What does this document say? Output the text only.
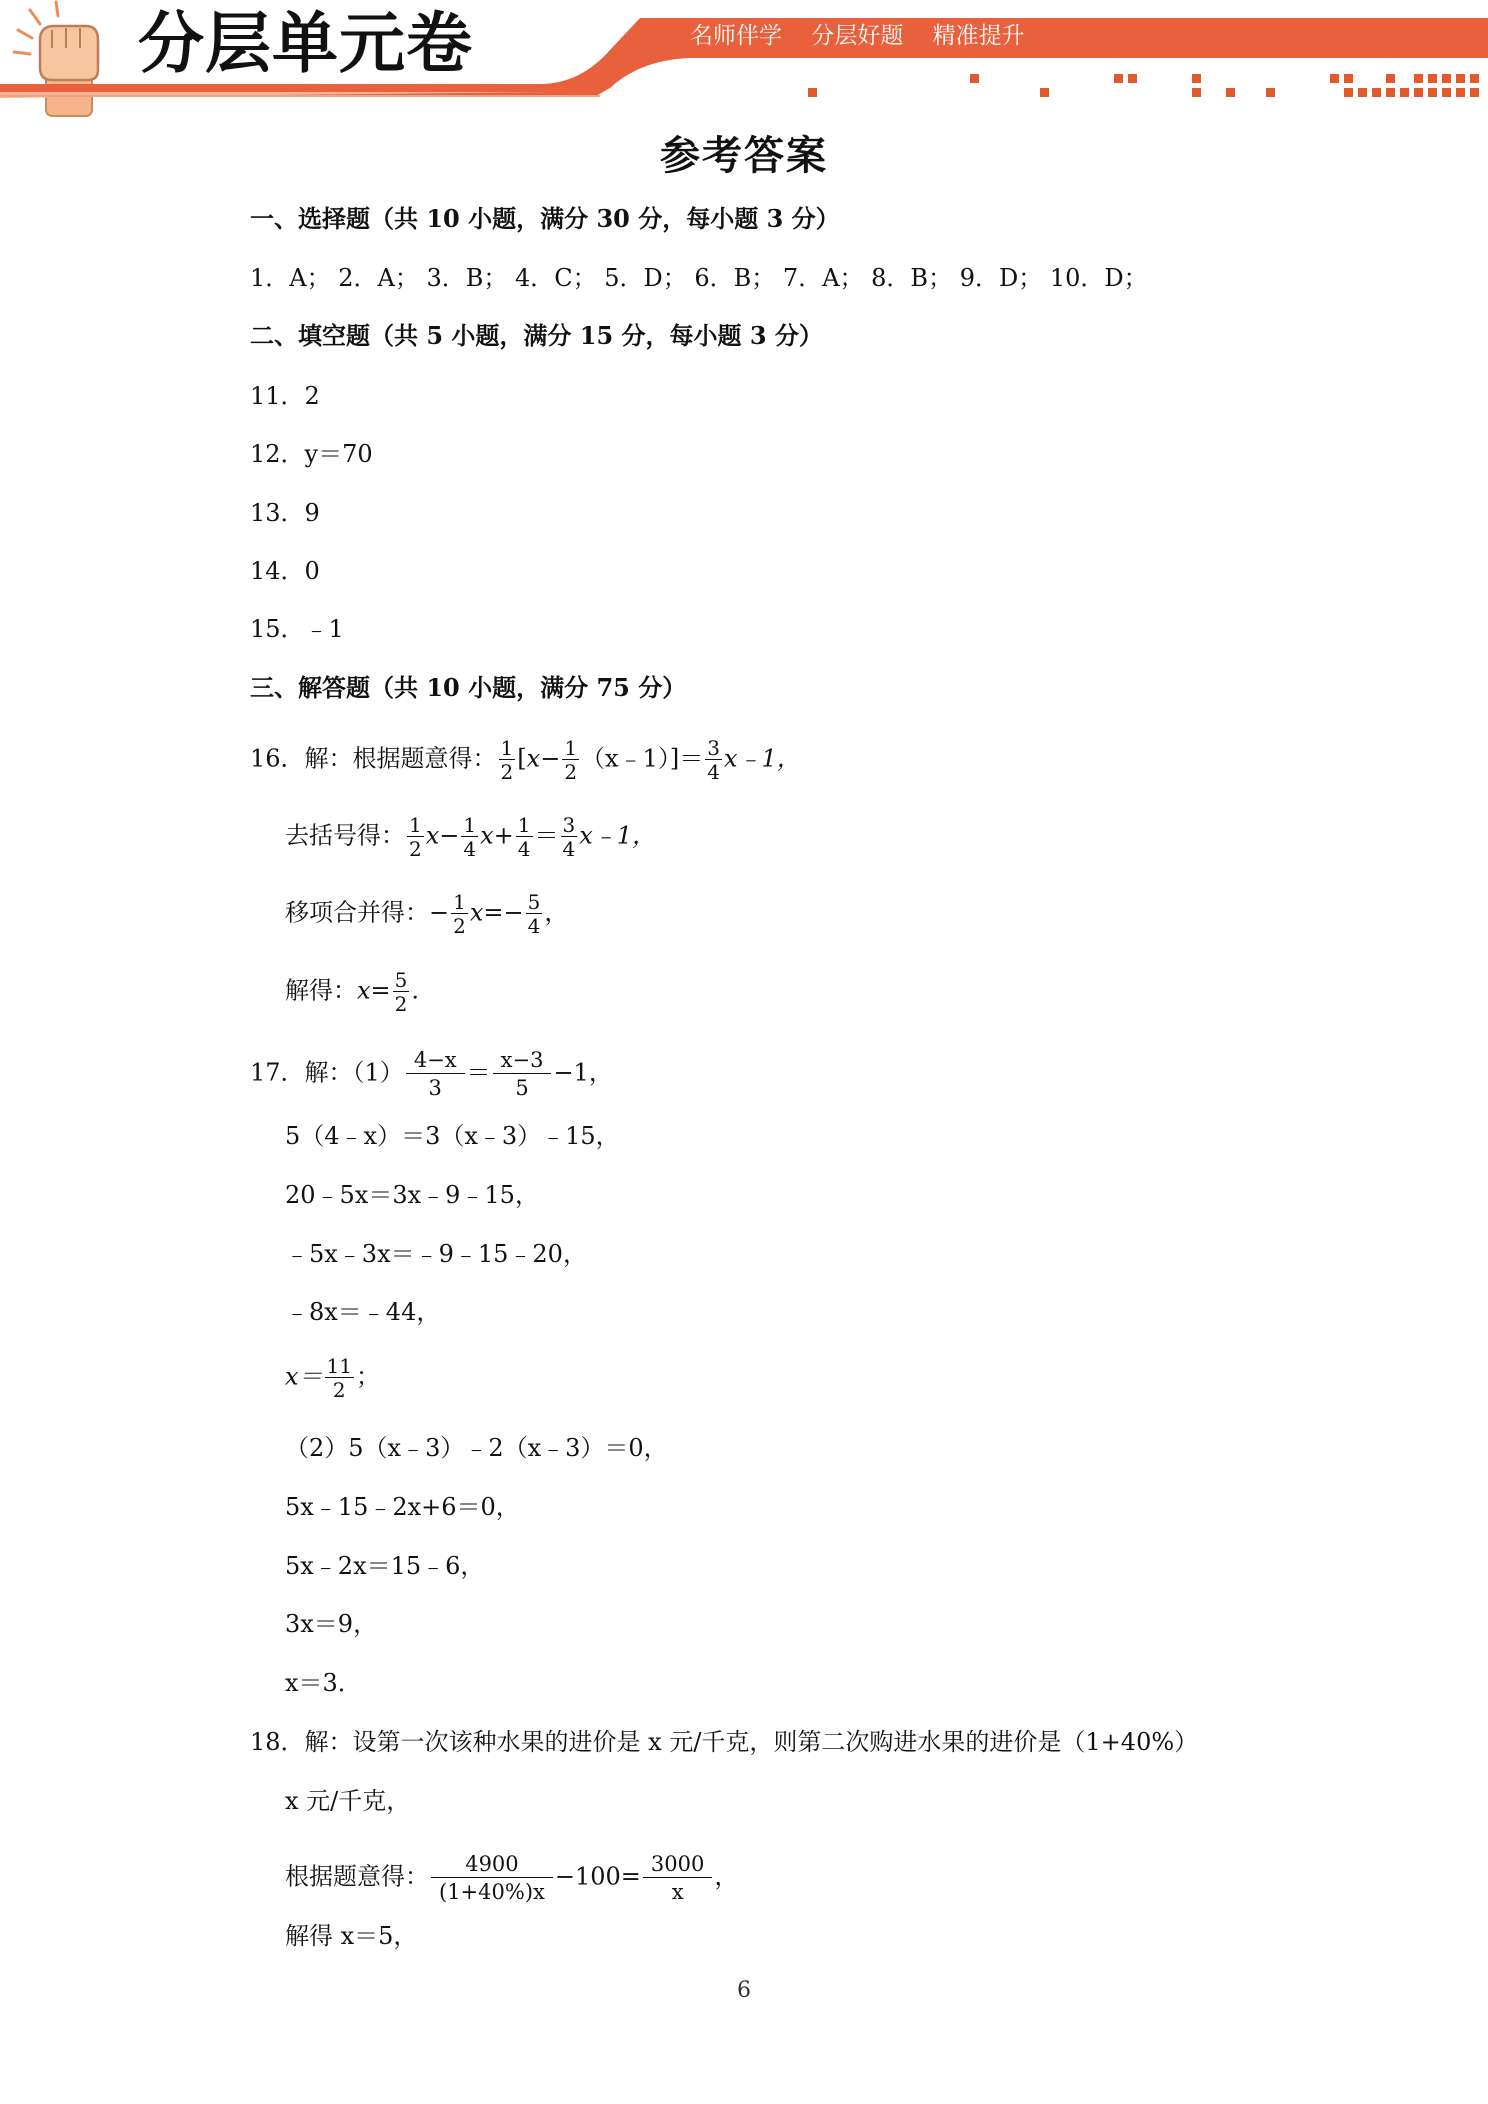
分层单元卷	名师伴学 分层好题 精准提升
参考答案
一、选择题（共 10 小题，满分 30 分，每小题 3 分）
1．A； 2．A； 3．B； 4．C； 5．D； 6．B； 7．A； 8．B； 9．D； 10．D；
二、填空题（共 5 小题，满分 15 分，每小题 3 分）
11．2
12．y＝70
13．9
14．0
15．﹣1
三、解答题（共 10 小题，满分 75 分）
16．解：根据题意得： $\frac{1}{2} [x- \frac{1}{2}$ （x﹣1）]＝ $\frac{3}{4}$ x﹣1，
去括号得： $\frac{1}{2} x- \frac{1}{4} x+ \frac{1}{4} = \frac{3}{4}$ x﹣1，
移项合并得：− $\frac{1}{2} x=- \frac{5}{4}$ ，
解得：$x= \frac{5}{2}$ .
17．解：$(1) \frac{4-x}{3} = \frac{x-3}{5} -1$，
5（4﹣x）＝3（x﹣3）﹣15，
20﹣5x＝3x﹣9﹣15，
﹣5x﹣3x＝﹣9﹣15﹣20，
﹣8x＝﹣44，
$x= \frac{11}{2}$ ；
（2）5（x﹣3）﹣2（x﹣3）＝0，
5x﹣15﹣2x+6＝0，
5x﹣2x＝15﹣6，
3x＝9，
x＝3．
18．解：设第一次该种水果的进价是 x 元/千克，则第二次购进水果的进价是（1+40%）
x 元/千克，
根据题意得： $\frac{4900}{(1+40\%)x} -100= \frac{3000}{x}$ ，
解得 x＝5，
6
